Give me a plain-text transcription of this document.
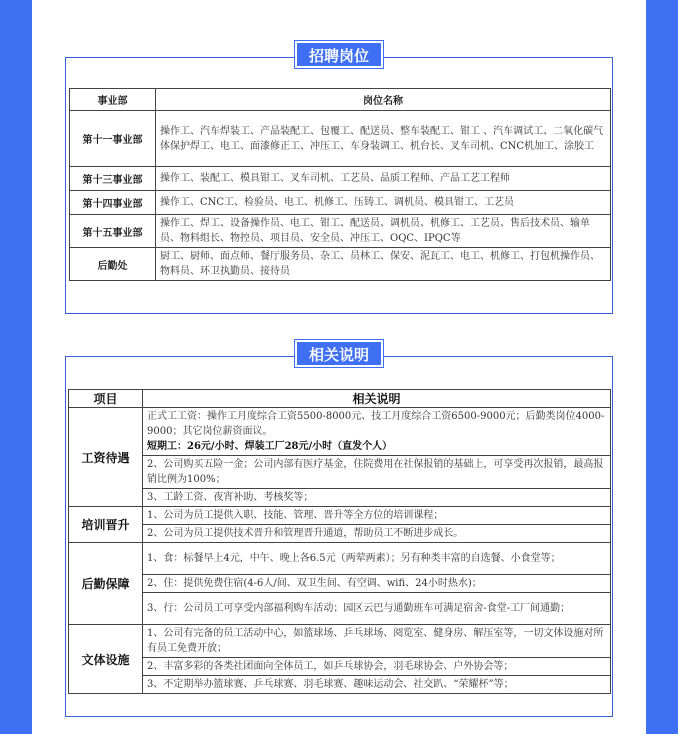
招聘岗位
事业部	岗位名称
第十一事业部	操作工、汽车焊装工、产品装配工、包覆工、配送员、整车装配工、钳工 、汽车调试工、二氧化碳气体保护焊工、电工、面漆修正工、冲压工、车身装调工、机台长、叉车司机、CNC机加工、涂胶工
第十三事业部	操作工、装配工、模具钳工、叉车司机、工艺员、品质工程师、产品工艺工程师
第十四事业部	操作工、CNC工、检验员、电工、机修工、压铸工、调机员、模具钳工、工艺员
第十五事业部	操作工、焊工、设备操作员、电工、钳工、配送员、调机员、机修工、工艺员、售后技术员、输单员、物料组长、物控员、项目员、安全员、冲压工、OQC、IPQC等
后勤处	厨工、厨师、面点师、餐厅服务员、杂工、员林工、保安、泥瓦工、电工、机修工、打包机操作员、物料员、环卫执勤员、接待员
相关说明
项目	相关说明
工资待遇	正式工工资：操作工月度综合工资5500-8000元、技工月度综合工资6500-9000元；后勤类岗位4000-9000；其它岗位薪资面议。
短期工：26元/小时、焊装工厂28元/小时（直发个人）

	2、公司购买五险一金；公司内部有医疗基金，住院费用在社保报销的基础上，可享受再次报销，最高报销比例为100%；
	3、工龄工资、夜宵补助、考核奖等；
培训晋升	1、公司为员工提供入职、技能、管理、晋升等全方位的培训课程；
	2、公司为员工提供技术晋升和管理晋升通道，帮助员工不断进步成长。
后勤保障	1、食：标餐早上4元，中午、晚上各6.5元（两荤两素）；另有种类丰富的自选餐、小食堂等；
	2、住：提供免费住宿(4-6人/间、双卫生间、有空调、wifi、24小时热水)；
	3、行：公司员工可享受内部福利购车活动；园区云巴与通勤班车可满足宿舍-食堂-工厂间通勤；
文体设施	1、公司有完备的员工活动中心，如篮球场、乒乓球场、阅览室、健身房、解压室等，一切文体设施对所有员工免费开放；
	2、丰富多彩的各类社团面向全体员工，如乒乓球协会，羽毛球协会、户外协会等；
	3、不定期举办篮球赛、乒乓球赛、羽毛球赛、趣味运动会、社交趴、“荣耀杯”等；
